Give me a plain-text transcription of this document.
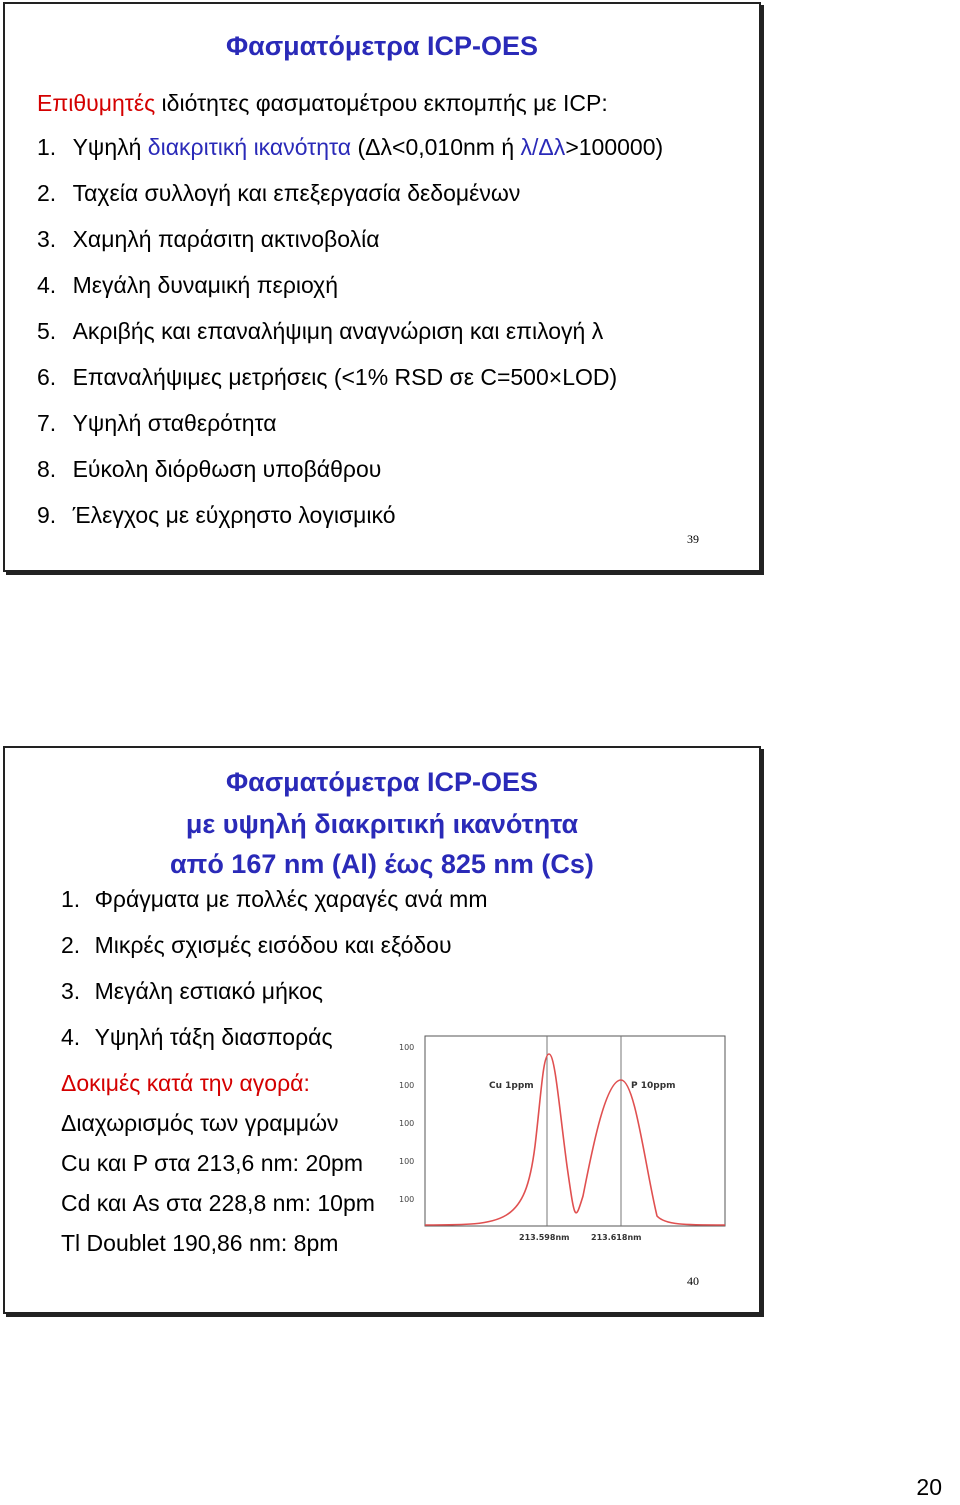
Φασματόμετρα ICP-OES

Επιθυμητές ιδιότητες φασματομέτρου εκπομπής με ICP:

1. Υψηλή διακριτική ικανότητα (Δλ<0,010nm ή λ/Δλ>100000)

2. Ταχεία συλλογή και επεξεργασία δεδομένων

3. Χαμηλή παράσιτη ακτινοβολία

4. Μεγάλη δυναμική περιοχή

5. Ακριβής και επαναλήψιμη αναγνώριση και επιλογή λ

6. Επαναλήψιμες μετρήσεις (<1% RSD σε C=500×LOD)

7. Υψηλή σταθερότητα

8. Εύκολη διόρθωση υποβάθρου

9. Έλεγχος με εύχρηστο λογισμικό

39

Φασματόμετρα ICP-OES

με υψηλή διακριτική ικανότητα

από 167 nm (Al) έως 825 nm (Cs)

1. Φράγματα με πολλές χαραγές ανά mm

2. Μικρές σχισμές εισόδου και εξόδου

3. Μεγάλη εστιακό μήκος

4. Υψηλή τάξη διασποράς

Δοκιμές κατά την αγορά:

Διαχωρισμός των γραμμών

Cu και P στα 213,6 nm: 20pm

Cd και As στα 228,8 nm: 10pm

Tl Doublet 190,86 nm: 8pm

100
100
100
100
100
Cu 1ppm	P 10ppm
213.598nm	213.618nm
40
20
